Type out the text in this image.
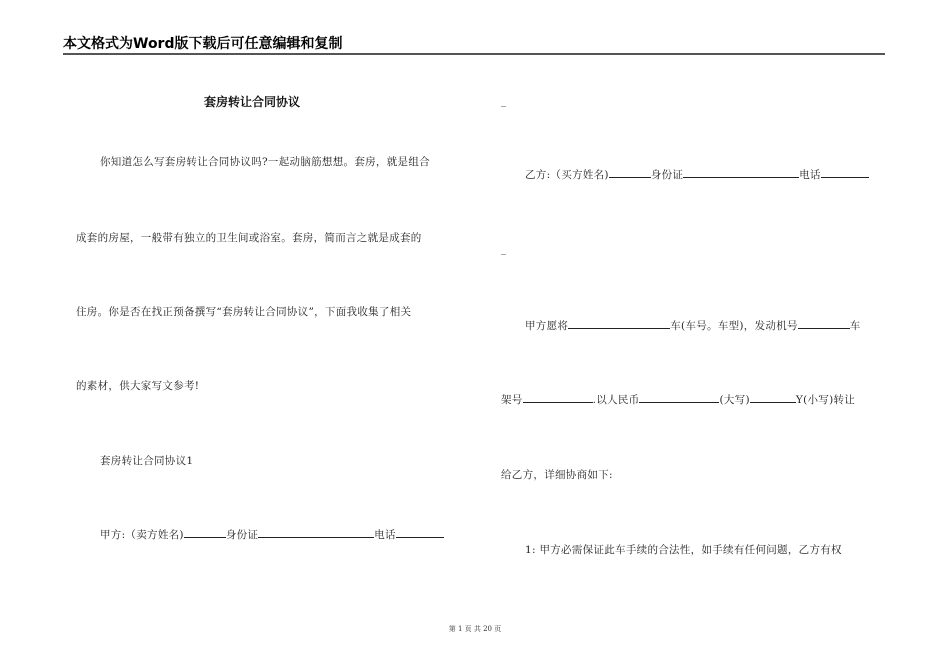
本文格式为Word版下载后可任意编辑和复制
套房转让合同协议
你知道怎么写套房转让合同协议吗?一起动脑筋想想。套房，就是组合
成套的房屋，一般带有独立的卫生间或浴室。套房，简而言之就是成套的
住房。你是否在找正预备撰写“套房转让合同协议”，下面我收集了相关
的素材，供大家写文参考!
套房转让合同协议1
甲方:（卖方姓名)	身份证	电话
_
乙方:（买方姓名)	身份证	电话
_
甲方愿将	车(车号。车型)，发动机号	车
架号	.以人民币	(大写)	Y(小写)转让
给乙方，详细协商如下:
1: 甲方必需保证此车手续的合法性，如手续有任何问题，乙方有权
第 1 页 共 20 页
